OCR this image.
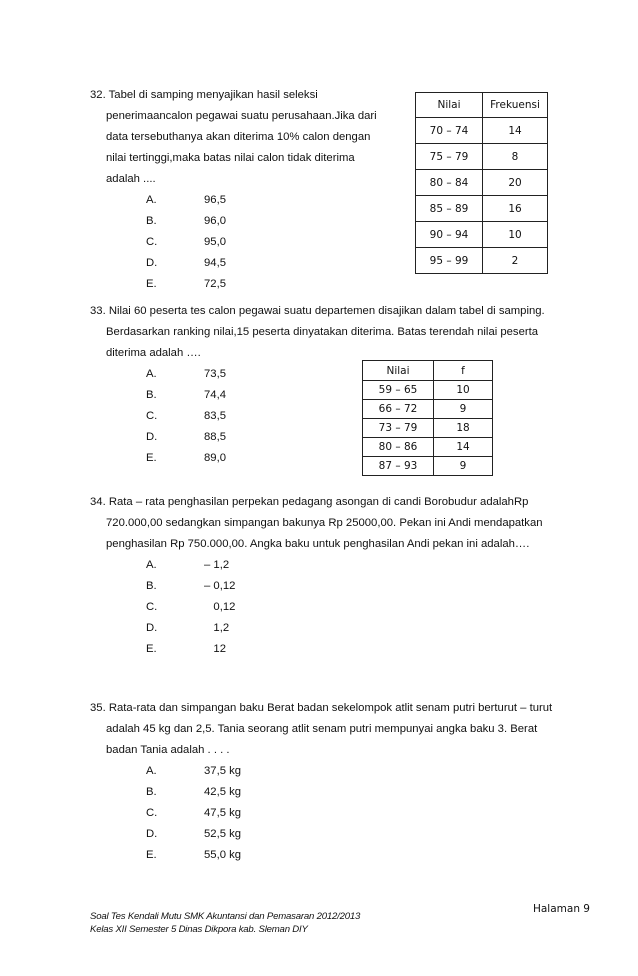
32. Tabel di samping menyajikan hasil seleksi
penerimaancalon pegawai suatu perusahaan.Jika dari
data tersebuthanya akan diterima 10% calon dengan
nilai tertinggi,maka batas nilai calon tidak diterima
adalah ....
A.	96,5
B.	96,0
C.	95,0
D.	94,5
E.	72,5
Nilai	Frekuensi
70 – 74	14
75 – 79	8
80 – 84	20
85 – 89	16
90 – 94	10
95 – 99	2
33. Nilai 60 peserta tes calon pegawai suatu departemen disajikan dalam tabel di samping.
Berdasarkan ranking nilai,15 peserta dinyatakan diterima. Batas terendah nilai peserta
diterima adalah ….
A.	73,5
B.	74,4
C.	83,5
D.	88,5
E.	89,0
Nilai	f
59 – 65	10
66 – 72	9
73 – 79	18
80 – 86	14
87 – 93	9
34. Rata – rata penghasilan perpekan pedagang asongan di candi Borobudur adalahRp
720.000,00 sedangkan simpangan bakunya Rp 25000,00. Pekan ini Andi mendapatkan
penghasilan Rp 750.000,00. Angka baku untuk penghasilan Andi pekan ini adalah….
A.	– 1,2
B.	– 0,12
C.	0,12
D.	1,2
E.	12
35. Rata-rata dan simpangan baku Berat badan sekelompok atlit senam putri berturut – turut
adalah 45 kg dan 2,5. Tania seorang atlit senam putri mempunyai angka baku 3. Berat
badan Tania adalah . . . .
A.	37,5 kg
B.	42,5 kg
C.	47,5 kg
D.	52,5 kg
E.	55,0 kg
Halaman 9
Soal Tes Kendali Mutu SMK Akuntansi dan Pemasaran 2012/2013
Kelas XII Semester 5 Dinas Dikpora kab. Sleman DIY
